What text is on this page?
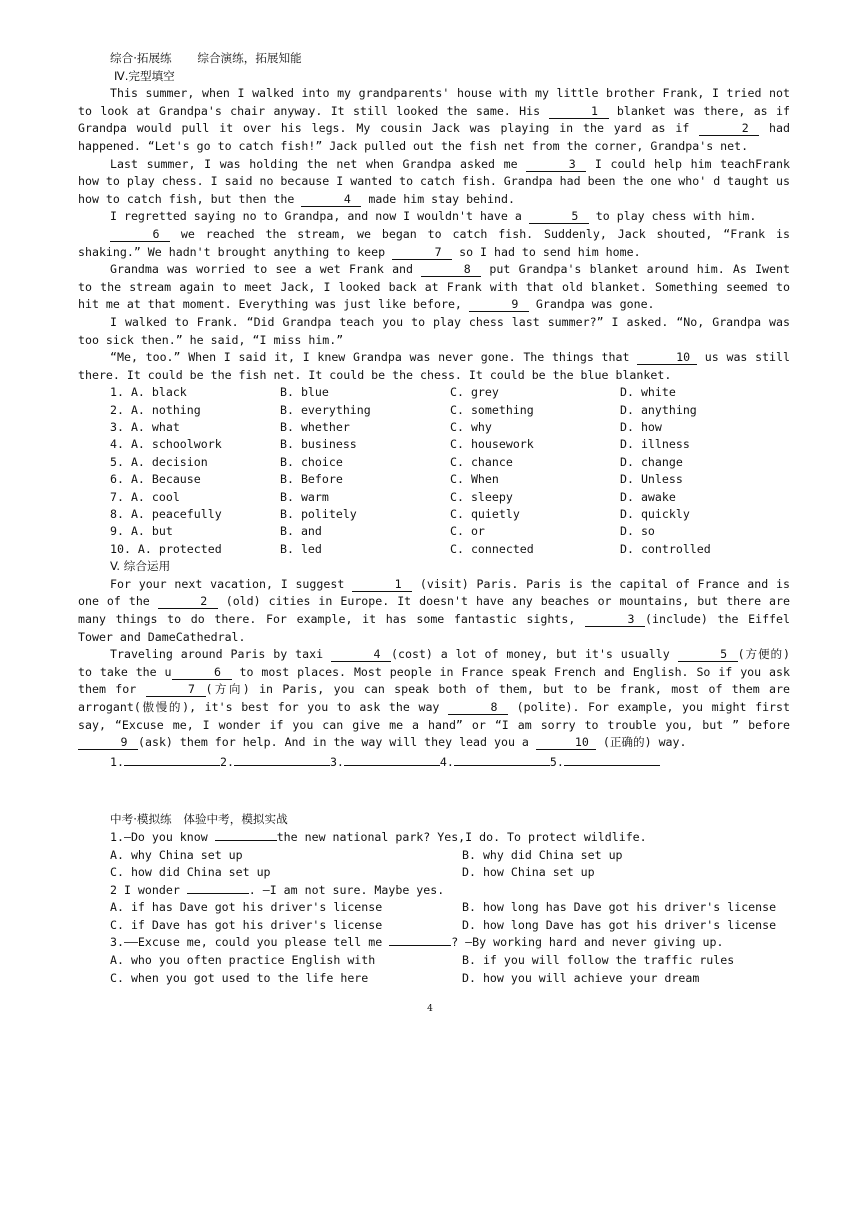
综合·拓展练 综合演练，拓展知能
Ⅳ.完型填空

This summer, when I walked into my grandparents' house with my little brother Frank, I tried not to look at Grandpa's chair anyway. It still looked the same. His	1 blanket was there, as if Grandpa would pull it over his legs. My cousin Jack was playing in the yard as if	2 had happened. “Let's go to catch fish!” Jack pulled out the fish net from the corner, Grandpa's net.

Last summer, I was holding the net when Grandpa asked me	3 I could help him teachFrank how to play chess. I said no because I wanted to catch fish. Grandpa had been the one who' d taught us how to catch fish, but then the	4 made him stay behind.

I regretted saying no to Grandpa, and now I wouldn't have a	5 to play chess with him.

6 we reached the stream, we began to catch fish. Suddenly, Jack shouted, “Frank is shaking.” We hadn't brought anything to keep	7 so I had to send him home.

Grandma was worried to see a wet Frank and	8 put Grandpa's blanket around him. As Iwent to the stream again to meet Jack, I looked back at Frank with that old blanket. Something seemed to hit me at that moment. Everything was just like before,	9 Grandpa was gone.

I walked to Frank. “Did Grandpa teach you to play chess last summer?” I asked. “No, Grandpa was too sick then.” he said, “I miss him.”

“Me, too.” When I said it, I knew Grandpa was never gone. The things that	10 us was still there. It could be the fish net. It could be the chess. It could be the blue blanket.

1. A. black	B. blue	C. grey	D. white
2. A. nothing	B. everything	C. something	D. anything
3. A. what	B. whether	C. why	D. how
4. A. schoolwork	B. business	C. housework	D. illness
5. A. decision	B. choice	C. chance	D. change
6. A. Because	B. Before	C. When	D. Unless
7. A. cool	B. warm	C. sleepy	D. awake
8. A. peacefully	B. politely	C. quietly	D. quickly
9. A. but	B. and	C. or	D. so
10. A. protected	B. led	C. connected	D. controlled
V. 综合运用

For your next vacation, I suggest	1 (visit) Paris. Paris is the capital of France and is one of the	2 (old) cities in Europe. It doesn't have any beaches or mountains, but there are many things to do there. For example, it has some fantastic sights,	3 (include) the Eiffel Tower and DameCathedral.

Traveling around Paris by taxi	4 (cost) a lot of money, but it's usually	5 (方便的) to take the u	6 to most places. Most people in France speak French and English. So if you ask them for	7 (方向) in Paris, you can speak both of them, but to be frank, most of them are arrogant(傲慢的), it's best for you to ask the way	8 (polite). For example, you might first say, “Excuse me, I wonder if you can give me a hand” or “I am sorry to trouble you, but ” before 9 (ask) them for help. And in the way will they lead you a	10 (正确的) way.

1.	2.	3.	4.	5.
中考·模拟练 体验中考，模拟实战
1.—Do you know	the new national park? Yes,I do. To protect wildlife.
A. why China set up	B. why did China set up
C. how did China set up	D. how China set up
2 I wonder	. —I am not sure. Maybe yes.
A. if has Dave got his driver's license	B. how long has Dave got his driver's license
C. if Dave has got his driver's license	D. how long Dave has got his driver's license
3.——Excuse me, could you please tell me	? —By working hard and never giving up.
A. who you often practice English with	B. if you will follow the traffic rules
C. when you got used to the life here	D. how you will achieve your dream
4
